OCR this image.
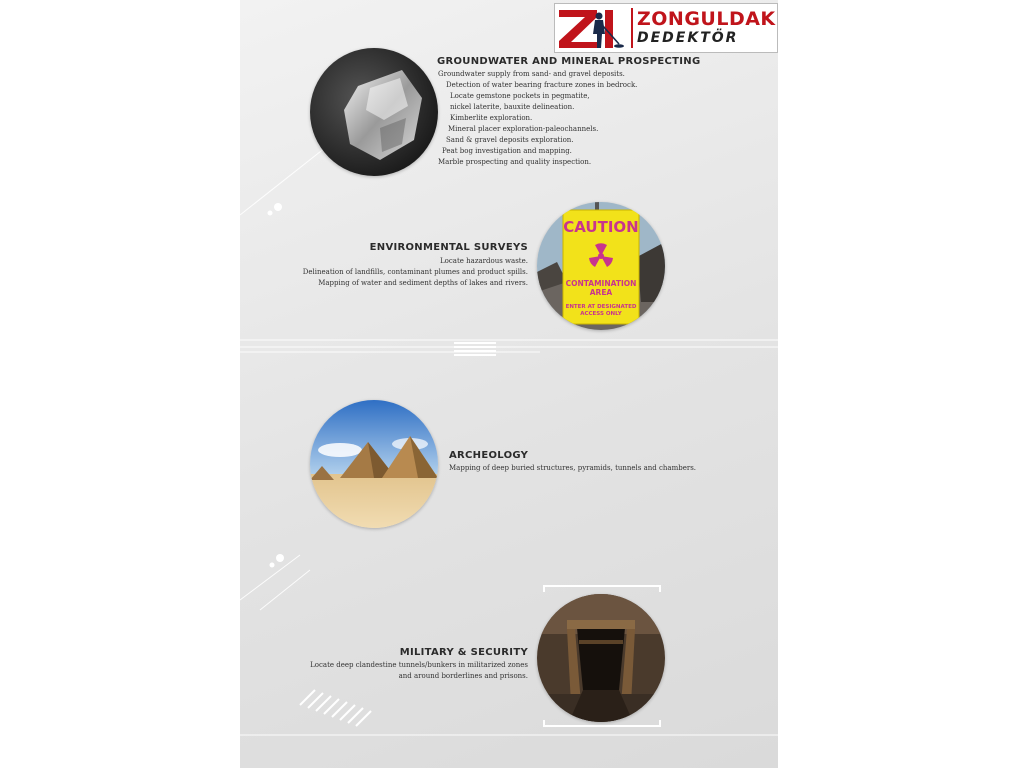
ZONGULDAK
DEDEKTÖR
GROUNDWATER AND MINERAL PROSPECTING
Groundwater supply from sand- and gravel deposits.
Detection of water bearing fracture zones in bedrock.
Locate gemstone pockets in pegmatite,
nickel laterite, bauxite delineation.
Kimberlite exploration.
Mineral placer exploration-paleochannels.
Sand & gravel deposits exploration.
Peat bog investigation and mapping.
Marble prospecting and quality inspection.
ENVIRONMENTAL SURVEYS
Locate hazardous waste.
Delineation of landfills, contaminant plumes and product spills.
Mapping of water and sediment depths of lakes and rivers.
CAUTION
CONTAMINATION
AREA
ENTER AT DESIGNATED
ACCESS ONLY
ARCHEOLOGY
Mapping of deep buried structures, pyramids, tunnels and chambers.
MILITARY & SECURITY
Locate deep clandestine tunnels/bunkers in militarized zones
and around borderlines and prisons.
